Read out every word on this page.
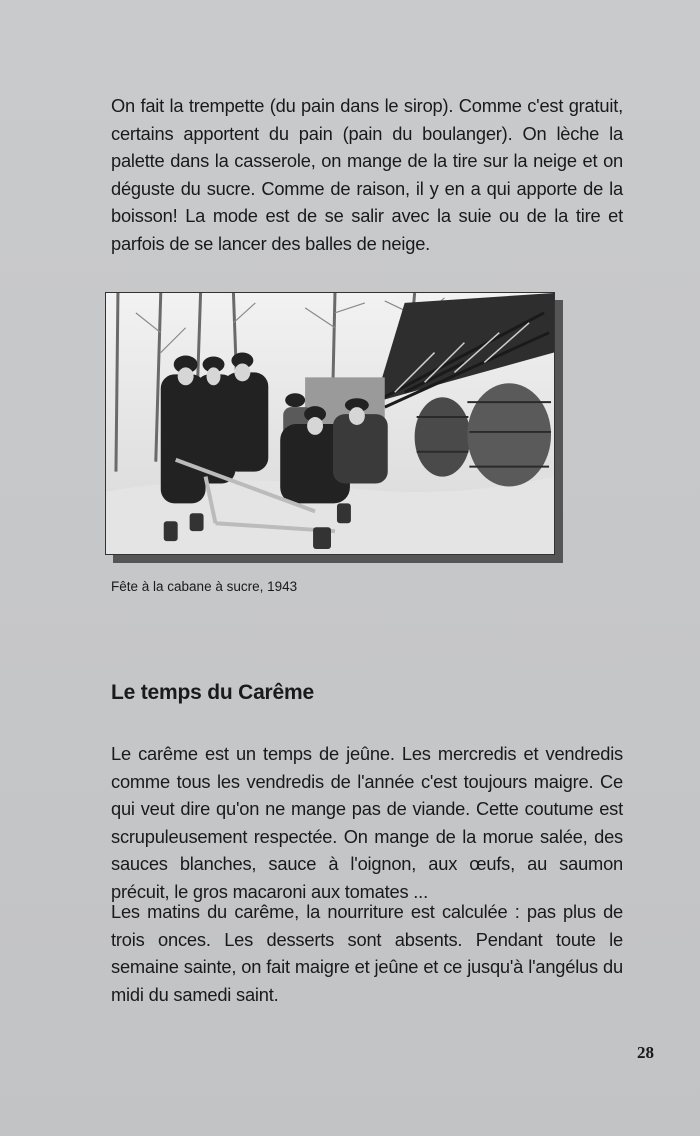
On fait la trempette (du pain dans le sirop). Comme c'est gratuit, certains apportent du pain (pain du boulanger). On lèche la palette dans la casserole, on mange de la tire sur la neige et on déguste du sucre. Comme de raison, il y en a qui apporte de la boisson! La mode est de se salir avec la suie ou de la tire et parfois de se lancer des balles de neige.

Fête à la cabane à sucre, 1943

Le temps du Carême

Le carême est un temps de jeûne. Les mercredis et vendredis comme tous les vendredis de l'année c'est toujours maigre. Ce qui veut dire qu'on ne mange pas de viande. Cette coutume est scrupuleusement respectée. On mange de la morue salée, des sauces blanches, sauce à l'oignon, aux œufs, au saumon précuit, le gros macaroni aux tomates ...

Les matins du carême, la nourriture est calculée : pas plus de trois onces. Les desserts sont absents. Pendant toute le semaine sainte, on fait maigre et jeûne et ce jusqu'à l'angélus du midi du samedi saint.

28
